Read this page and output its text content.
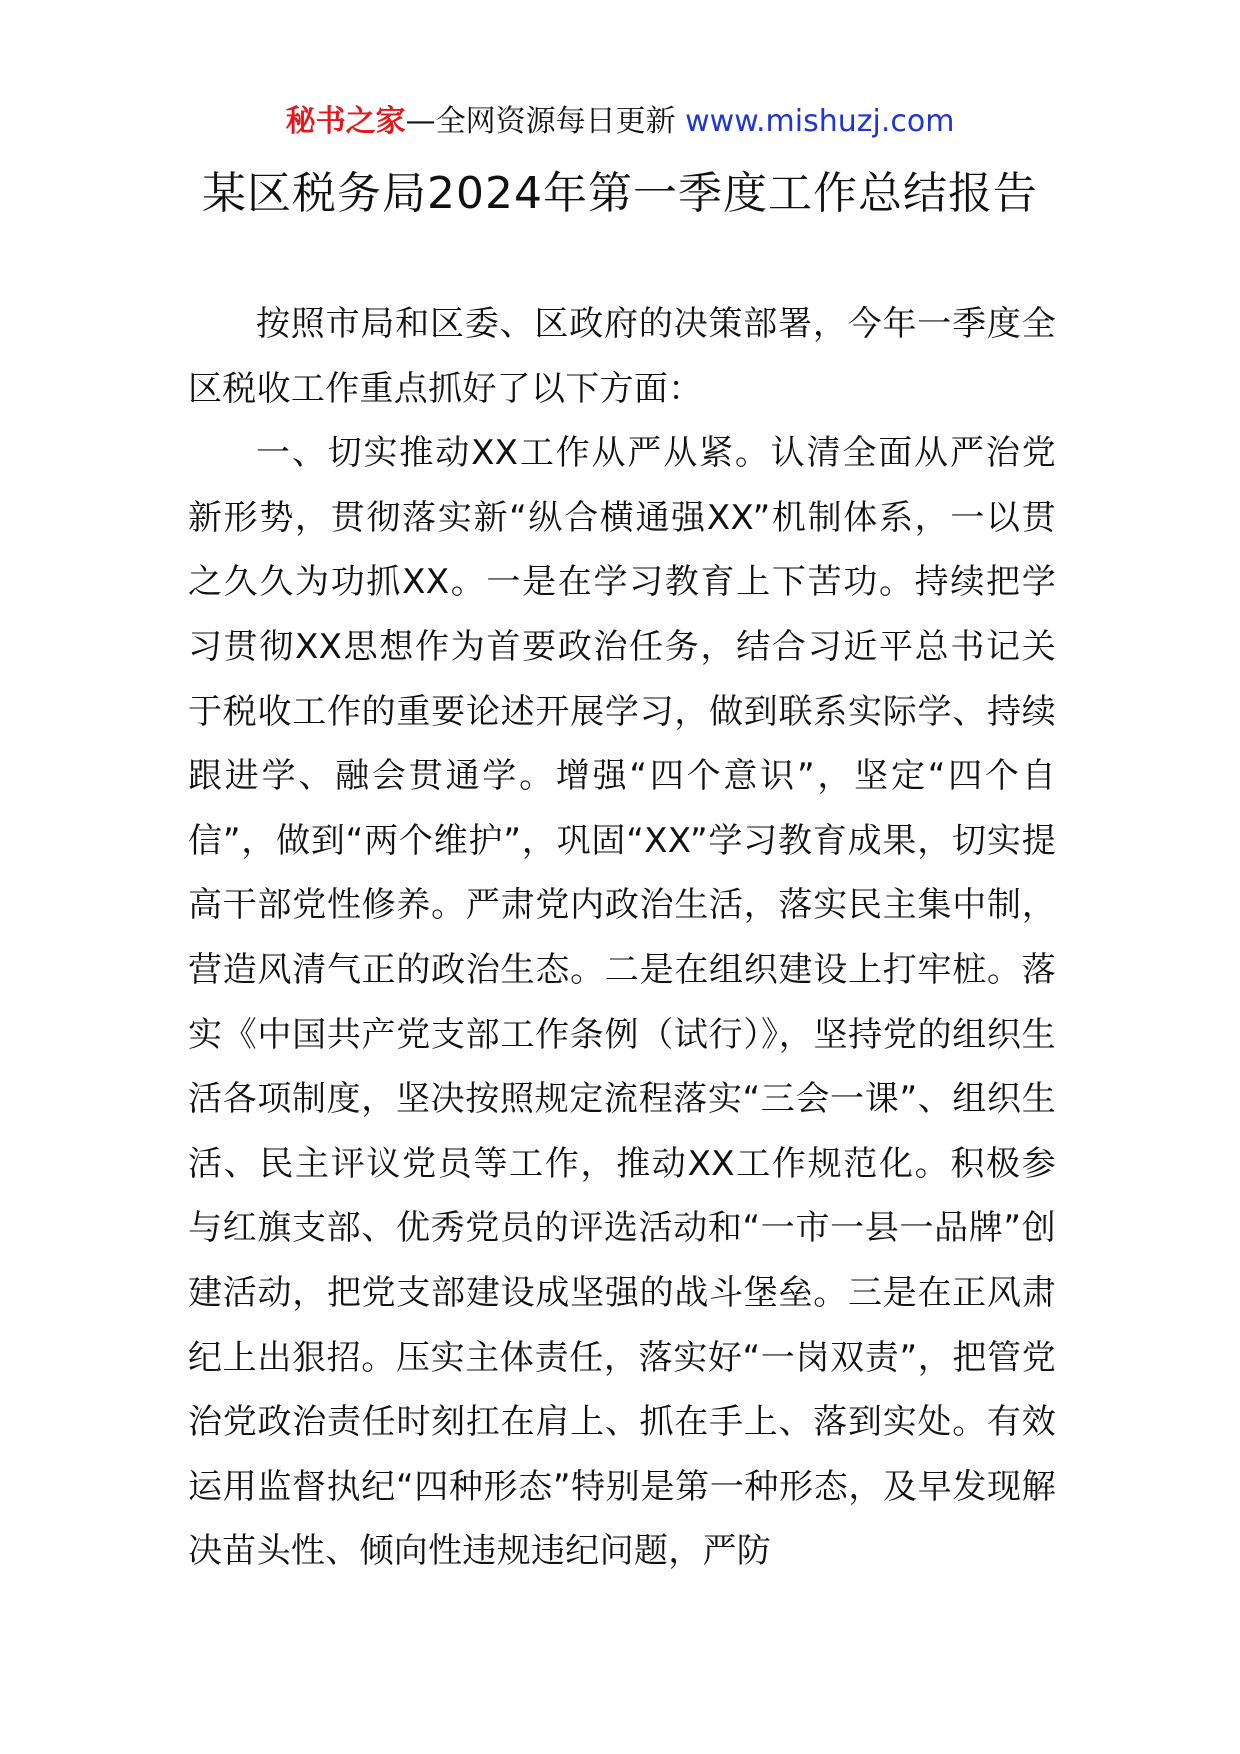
秘书之家—全网资源每日更新 www.mishuzj.com
某区税务局2024年第一季度工作总结报告

按照市局和区委、区政府的决策部署，今年一季度全区税收工作重点抓好了以下方面：

一、切实推动XX工作从严从紧。认清全面从严治党新形势，贯彻落实新“纵合横通强XX”机制体系，一以贯之久久为功抓XX。一是在学习教育上下苦功。持续把学习贯彻XX思想作为首要政治任务，结合习近平总书记关于税收工作的重要论述开展学习，做到联系实际学、持续跟进学、融会贯通学。增强“四个意识”，坚定“四个自信”，做到“两个维护”，巩固“XX”学习教育成果，切实提高干部党性修养。严肃党内政治生活，落实民主集中制，营造风清气正的政治生态。二是在组织建设上打牢桩。落实《中国共产党支部工作条例（试行）》，坚持党的组织生活各项制度，坚决按照规定流程落实“三会一课”、组织生活、民主评议党员等工作，推动XX工作规范化。积极参与红旗支部、优秀党员的评选活动和“一市一县一品牌”创建活动，把党支部建设成坚强的战斗堡垒。三是在正风肃纪上出狠招。压实主体责任，落实好“一岗双责”，把管党治党政治责任时刻扛在肩上、抓在手上、落到实处。有效运用监督执纪“四种形态”特别是第一种形态，及早发现解决苗头性、倾向性违规违纪问题，严防
